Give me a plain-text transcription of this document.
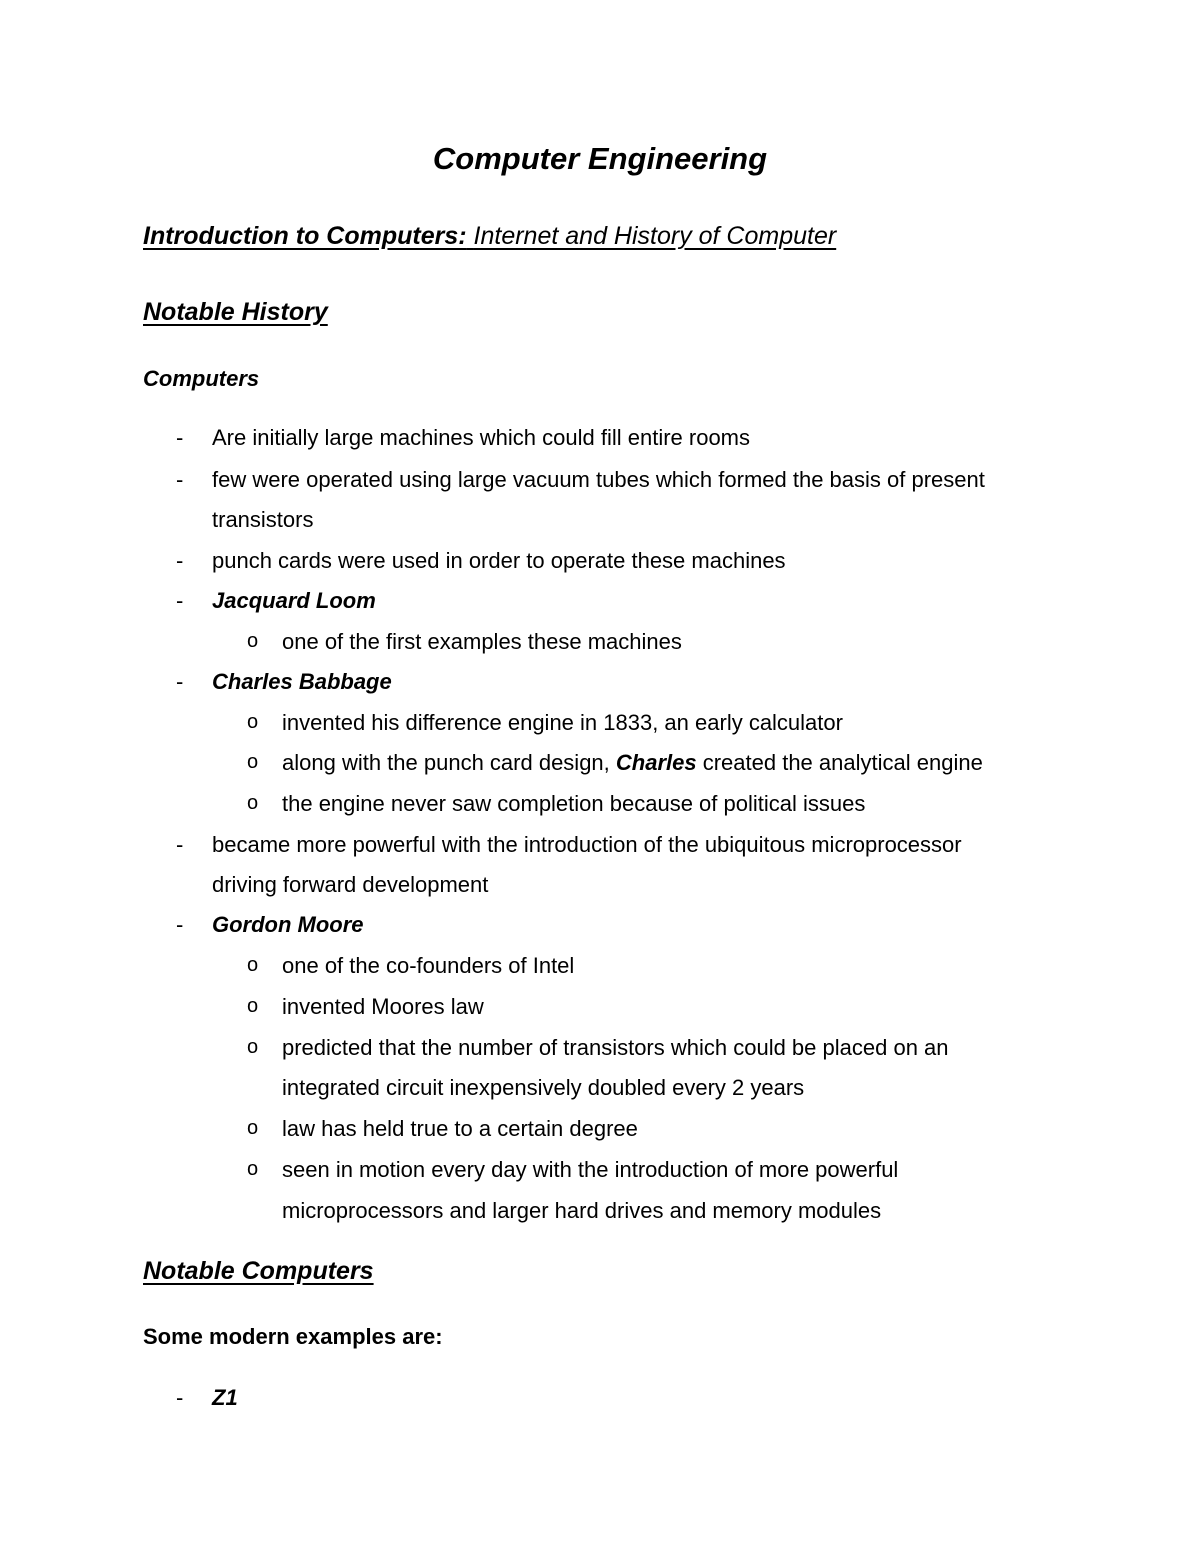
Computer Engineering
Introduction to Computers: Internet and History of Computer
Notable History
Computers
- Are initially large machines which could fill entire rooms
- few were operated using large vacuum tubes which formed the basis of present
transistors
- punch cards were used in order to operate these machines
- Jacquard Loom
o one of the first examples these machines
- Charles Babbage
o invented his difference engine in 1833, an early calculator
o along with the punch card design, Charles created the analytical engine
o the engine never saw completion because of political issues
- became more powerful with the introduction of the ubiquitous microprocessor
driving forward development
- Gordon Moore
o one of the co-founders of Intel
o invented Moores law
o predicted that the number of transistors which could be placed on an
integrated circuit inexpensively doubled every 2 years
o law has held true to a certain degree
o seen in motion every day with the introduction of more powerful
microprocessors and larger hard drives and memory modules
Notable Computers
Some modern examples are:
- Z1
